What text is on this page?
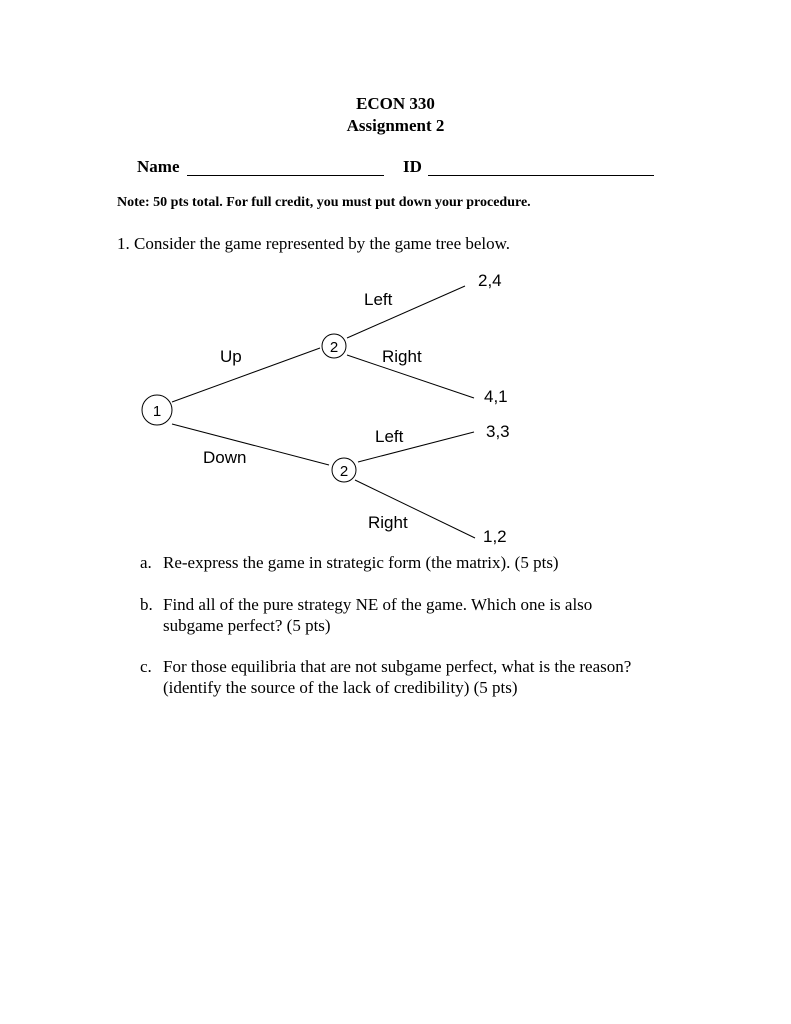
ECON 330
Assignment 2
Name	ID
Note: 50 pts total. For full credit, you must put down your procedure.
1. Consider the game represented by the game tree below.
1
2
2
Up
Down
Left
Right
Left
Right
2,4
4,1
3,3
1,2
a. Re-express the game in strategic form (the matrix). (5 pts)
b. Find all of the pure strategy NE of the game. Which one is also
subgame perfect? (5 pts)
c. For those equilibria that are not subgame perfect, what is the reason?
(identify the source of the lack of credibility) (5 pts)
